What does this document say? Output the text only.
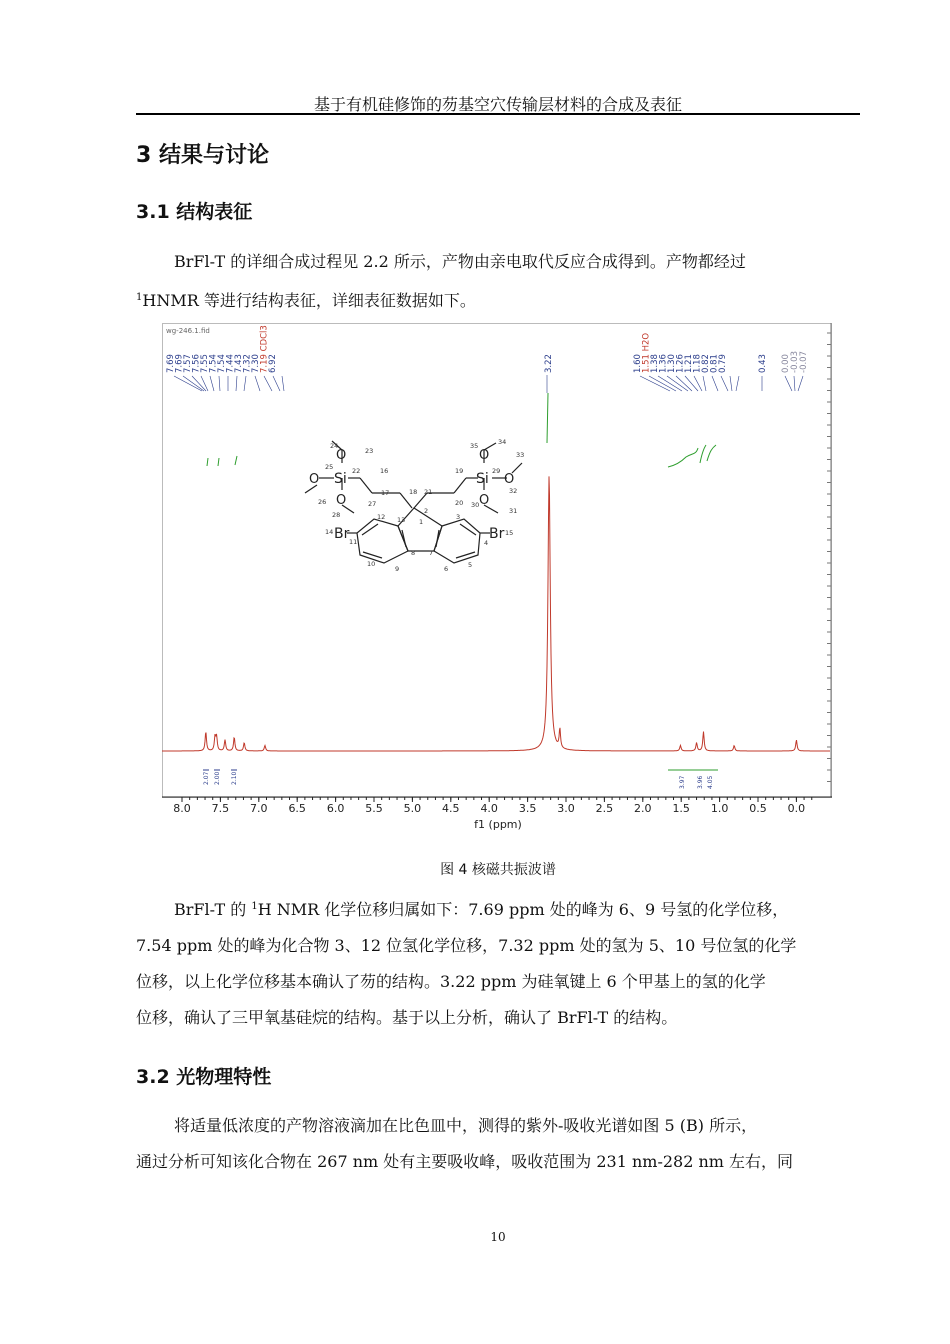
基于有机硅修饰的芴基空穴传输层材料的合成及表征
3 结果与讨论
3.1 结构表征
BrFl-T 的详细合成过程见 2.2 所示，产物由亲电取代反应合成得到。产物都经过
$^1$HNMR 等进行结构表征，详细表征数据如下。
wg-246.1.fid
7.69
7.69
7.57
7.56
7.55
7.54
7.54
7.44
7.43
7.32
7.30
7.19 CDCl3
6.92	3.22	1.60
1.51 H2O
1.38
1.36
1.30
1.26
1.21
1.18
0.82
0.81
0.79	0.43 0.00 -0.03 -0.07
2.07 2.00 2.10	3.97 3.96 4.05
O
Si
O
O
O
Si O
O
Br	Br
24
23
25	22	16
26	27
28
17	18 21
19
20
35	34
33
29
32
30
31
12 13 1
2
3
14
11	4
15
10
8 7
5
9	6
8.0 7.5 7.0 6.5 6.0 5.5 5.0 4.5 4.0 3.5 3.0 2.5 2.0 1.5 1.0 0.5 0.0
f1 (ppm)
图 4 核磁共振波谱
BrFl-T 的 $^1$H NMR 化学位移归属如下：7.69 ppm 处的峰为 6、9 号氢的化学位移，
7.54 ppm 处的峰为化合物 3、12 位氢化学位移，7.32 ppm 处的氢为 5、10 号位氢的化学
位移，以上化学位移基本确认了芴的结构。3.22 ppm 为硅氧键上 6 个甲基上的氢的化学
位移，确认了三甲氧基硅烷的结构。基于以上分析，确认了 BrFl-T 的结构。
3.2 光物理特性
将适量低浓度的产物溶液滴加在比色皿中，测得的紫外-吸收光谱如图 5 (B) 所示，
通过分析可知该化合物在 267 nm 处有主要吸收峰，吸收范围为 231 nm-282 nm 左右，同
10
